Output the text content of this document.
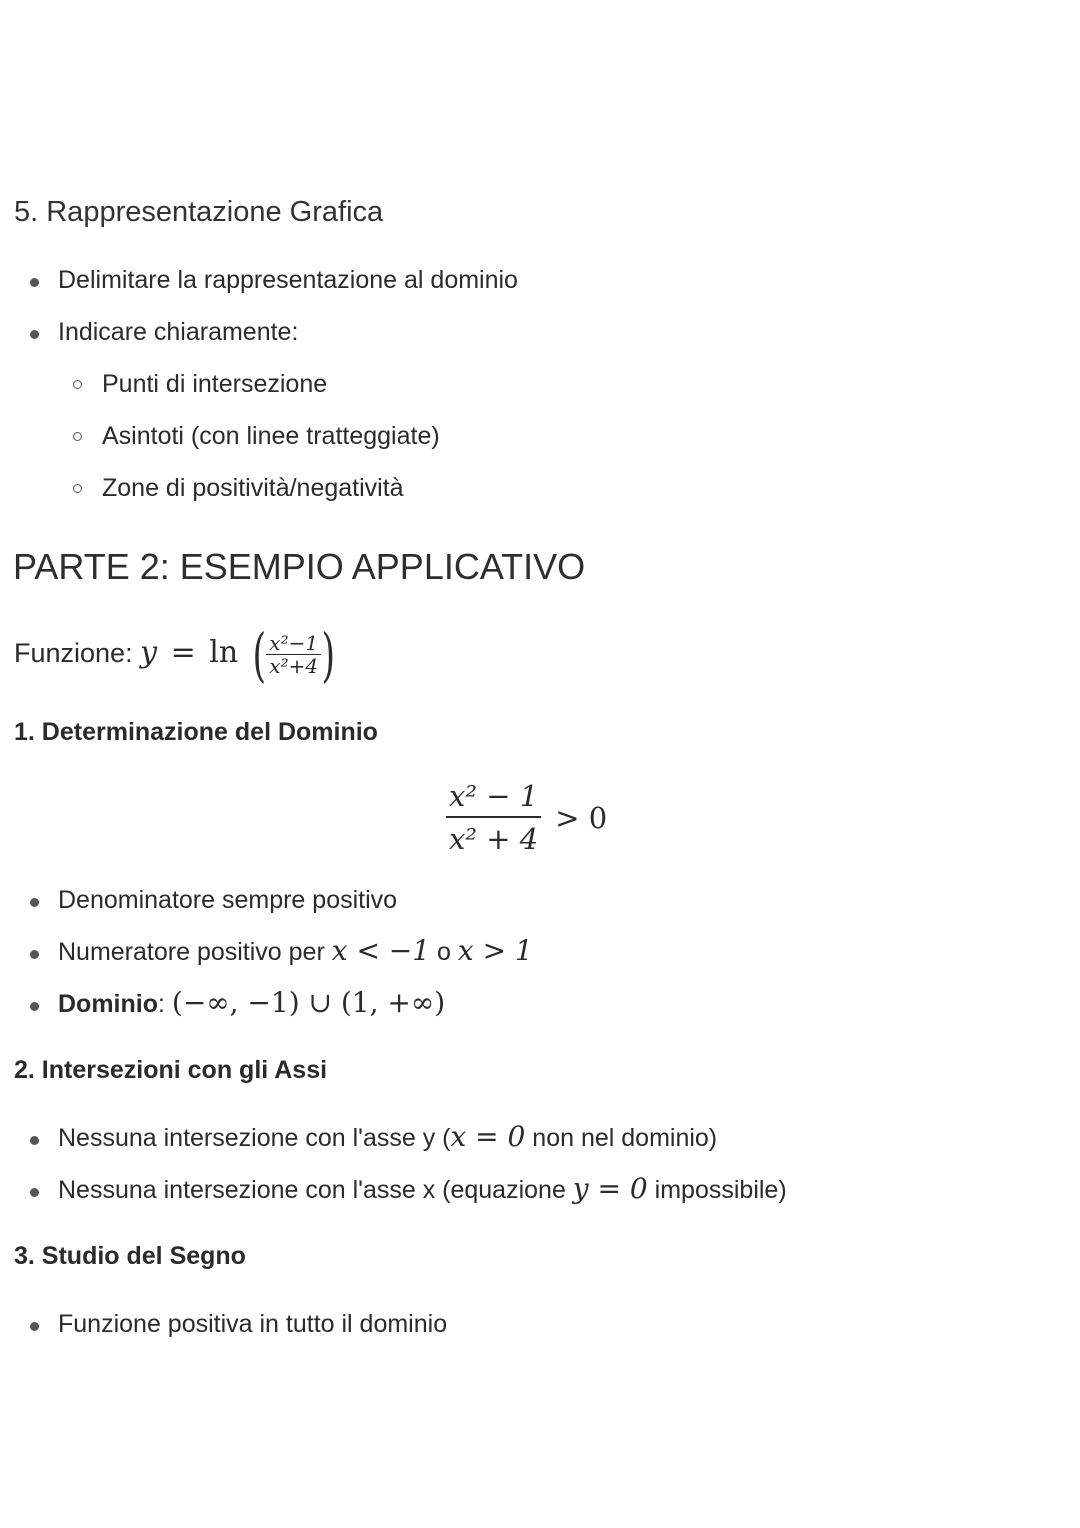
5. Rappresentazione Grafica
Delimitare la rappresentazione al dominio
Indicare chiaramente:
Punti di intersezione
Asintoti (con linee tratteggiate)
Zone di positività/negatività
PARTE 2: ESEMPIO APPLICATIVO
Funzione: y = ln ( $\frac{\text{x²−1}}{\text{x²+4}}$ )
1. Determinazione del Dominio
$\frac{\text{x² − 1}}{\text{x² + 4}} > 0$
Denominatore sempre positivo
Numeratore positivo per x < −1 o x > 1
Dominio: (−∞, −1) ∪ (1, +∞)
2. Intersezioni con gli Assi
Nessuna intersezione con l'asse y (x = 0 non nel dominio)
Nessuna intersezione con l'asse x (equazione y = 0 impossibile)
3. Studio del Segno
Funzione positiva in tutto il dominio
